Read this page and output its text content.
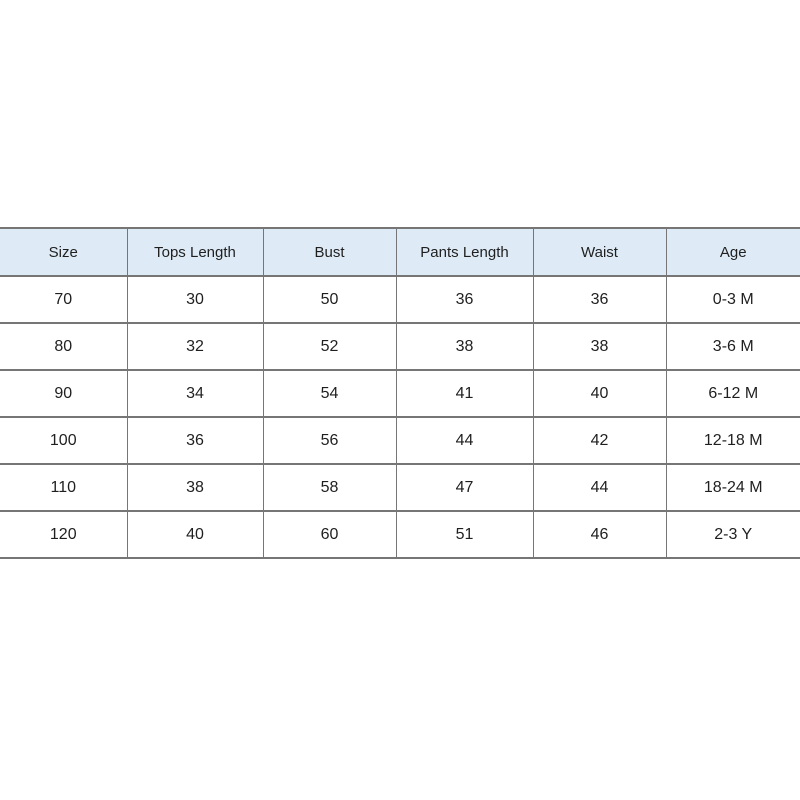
Size	Tops Length	Bust	Pants Length	Waist	Age
70	30	50	36	36	0-3 M
80	32	52	38	38	3-6 M
90	34	54	41	40	6-12 M
100	36	56	44	42	12-18 M
110	38	58	47	44	18-24 M
120	40	60	51	46	2-3 Y
